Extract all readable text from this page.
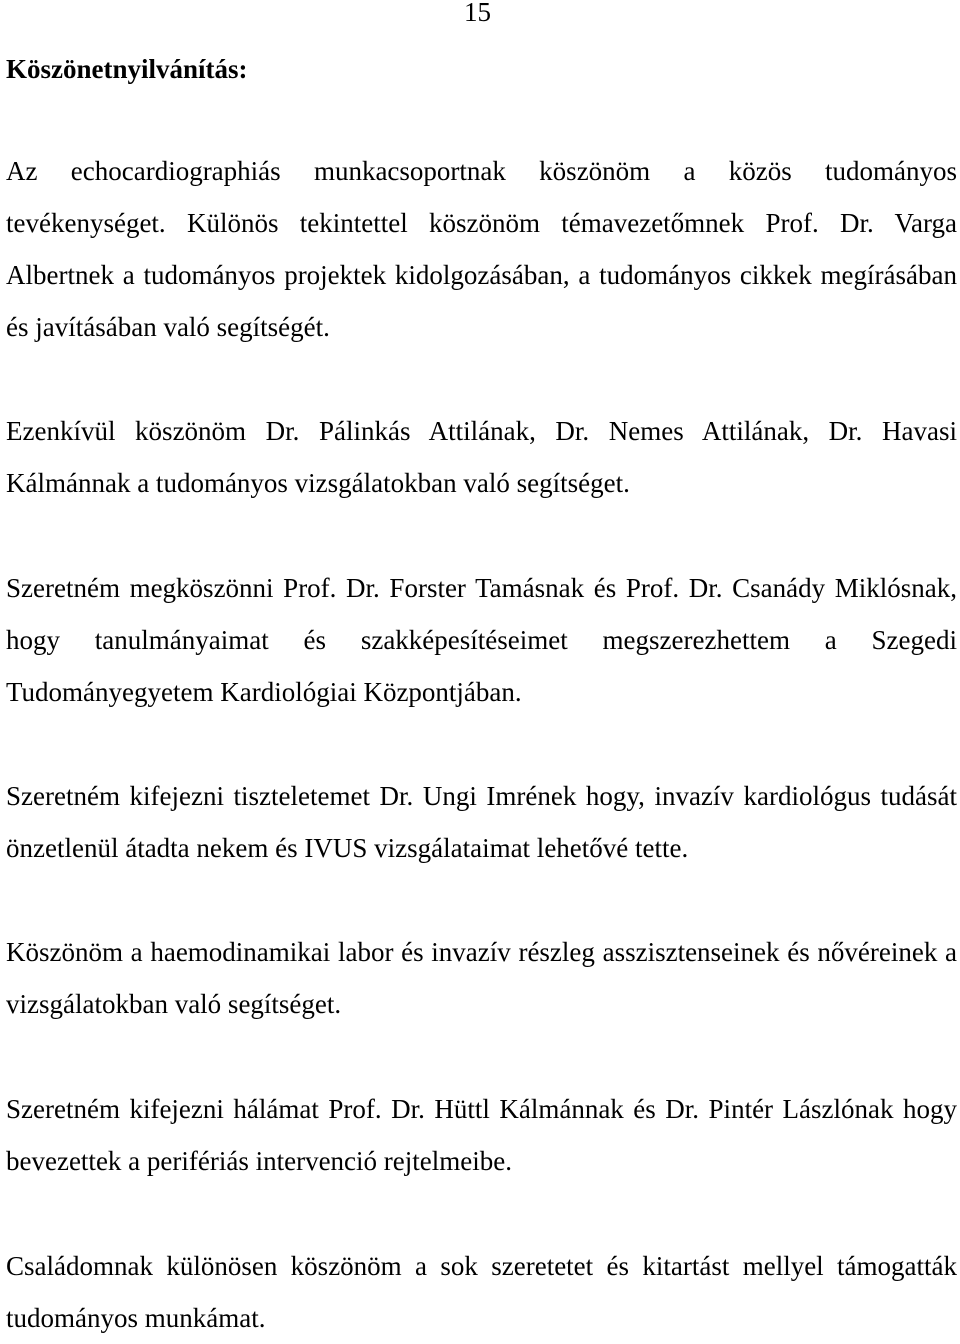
15
Köszönetnyilvánítás:

Az echocardiographiás munkacsoportnak köszönöm a közös tudományos tevékenységet. Különös tekintettel köszönöm témavezetőmnek Prof. Dr. Varga Albertnek a tudományos projektek kidolgozásában, a tudományos cikkek megírásában és javításában való segítségét.

Ezenkívül köszönöm Dr. Pálinkás Attilának, Dr. Nemes Attilának, Dr. Havasi Kálmánnak a tudományos vizsgálatokban való segítséget.

Szeretném megköszönni Prof. Dr. Forster Tamásnak és Prof. Dr. Csanády Miklósnak, hogy tanulmányaimat és szakképesítéseimet megszerezhettem a Szegedi Tudományegyetem Kardiológiai Központjában.

Szeretném kifejezni tiszteletemet Dr. Ungi Imrének hogy, invazív kardiológus tudását önzetlenül átadta nekem és IVUS vizsgálataimat lehetővé tette.

Köszönöm a haemodinamikai labor és invazív részleg asszisztenseinek és nővéreinek a vizsgálatokban való segítséget.

Szeretném kifejezni hálámat Prof. Dr. Hüttl Kálmánnak és Dr. Pintér Lászlónak hogy bevezettek a perifériás intervenció rejtelmeibe.

Családomnak különösen köszönöm a sok szeretetet és kitartást mellyel támogatták tudományos munkámat.
